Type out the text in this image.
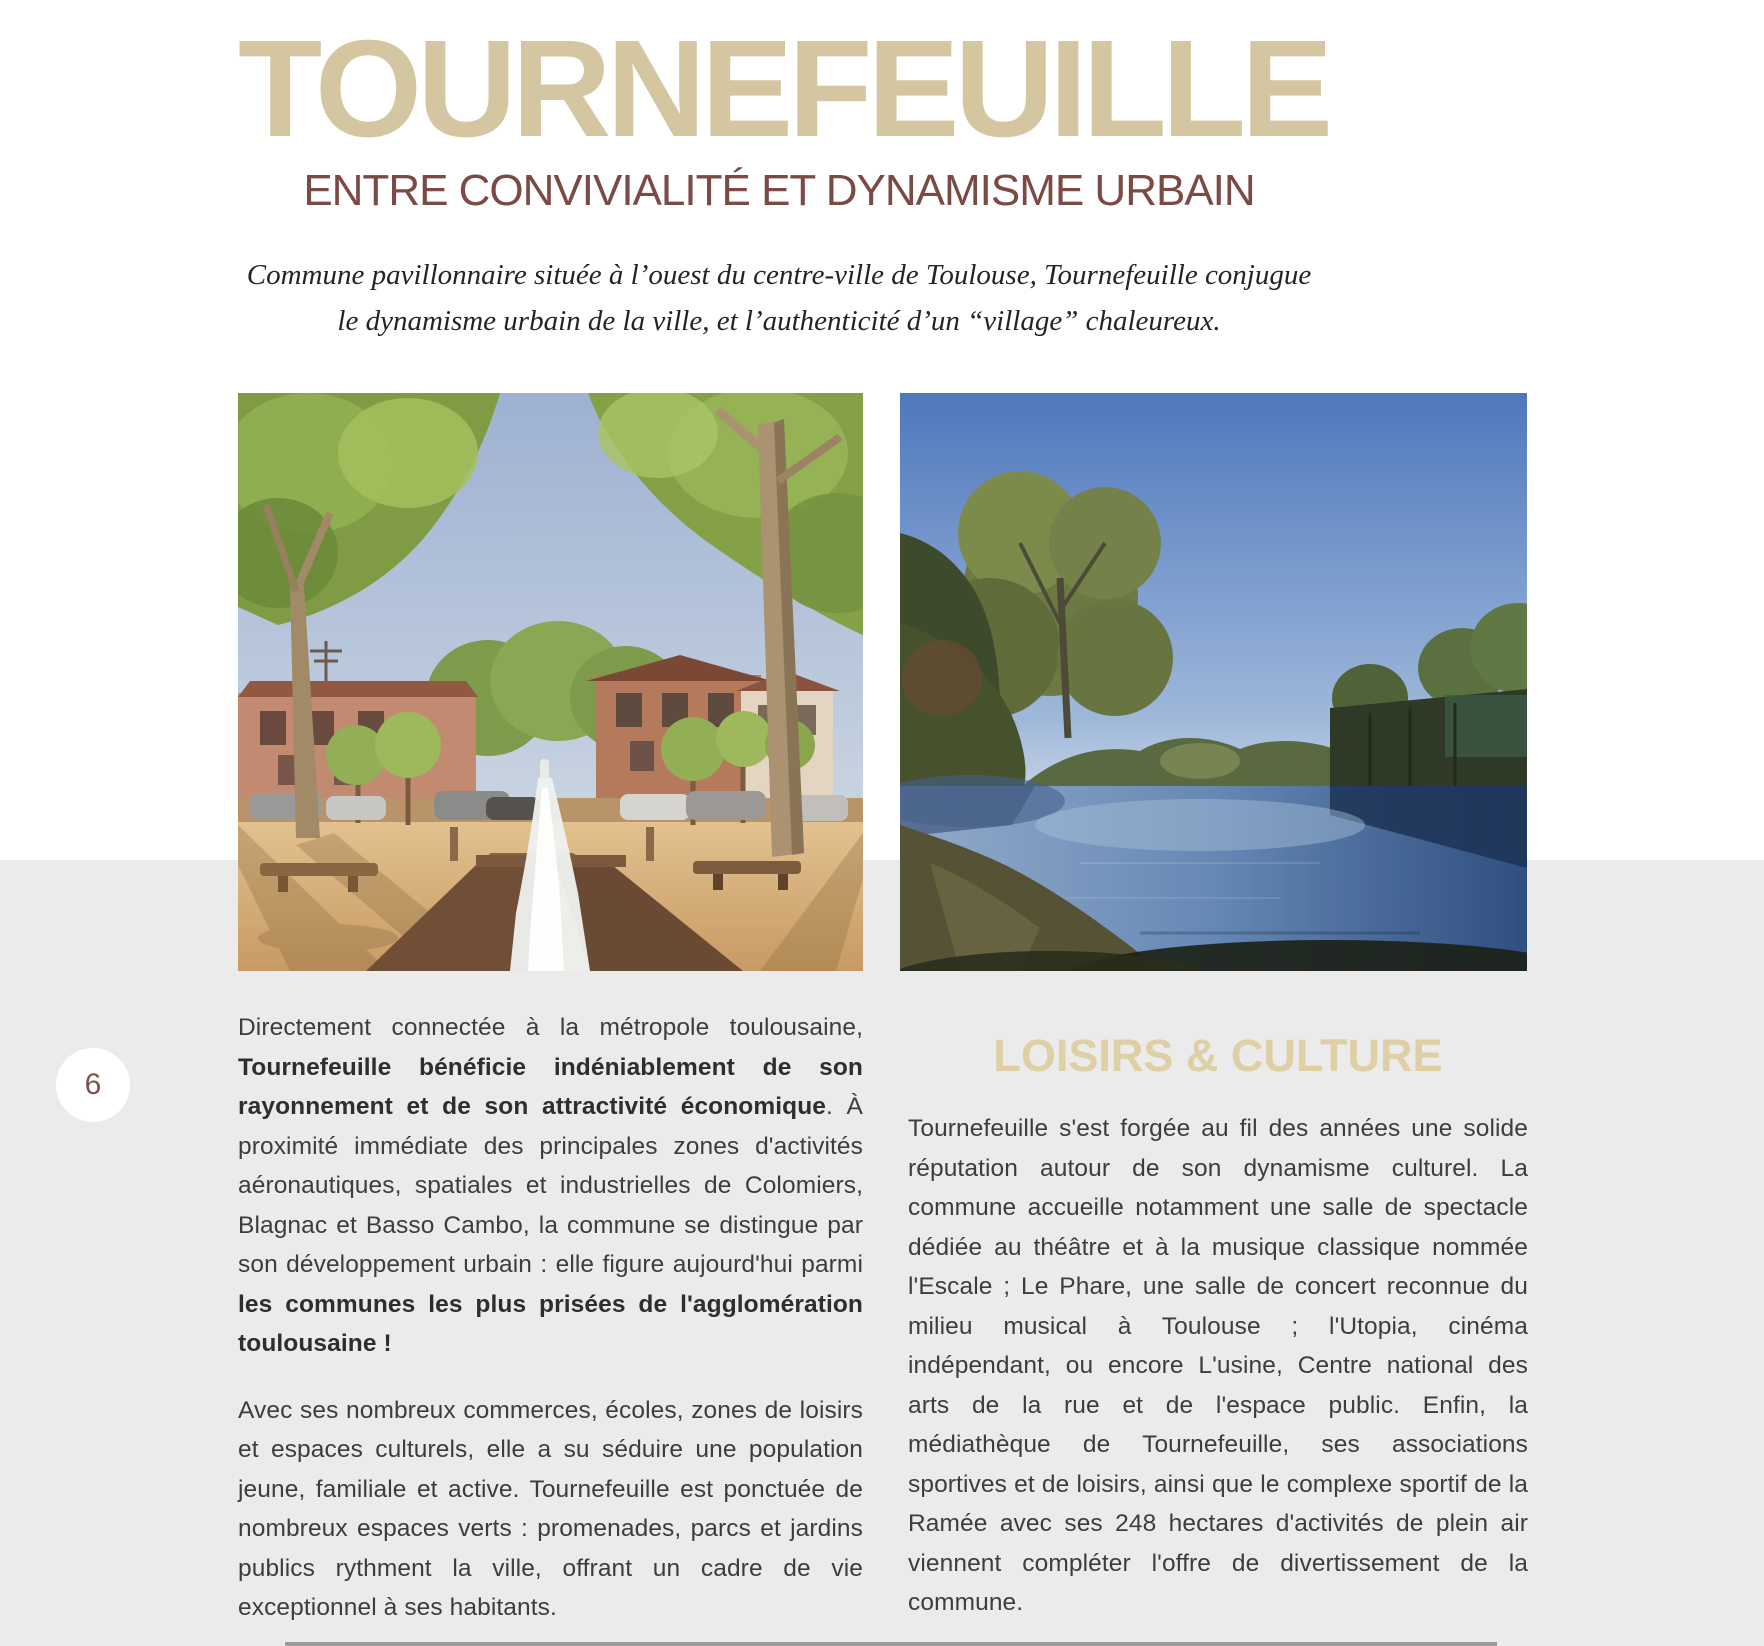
TOURNEFEUILLE
ENTRE CONVIVIALITÉ ET DYNAMISME URBAIN
Commune pavillonnaire située à l’ouest du centre-ville de Toulouse, Tournefeuille conjugue
le dynamisme urbain de la ville, et l’authenticité d’un “village” chaleureux.
6

Directement connectée à la métropole toulousaine, Tournefeuille bénéficie indéniablement de son rayonnement et de son attractivité économique. À proximité immédiate des principales zones d'activités aéronautiques, spatiales et industrielles de Colomiers, Blagnac et Basso Cambo, la commune se distingue par son développement urbain : elle figure aujourd'hui parmi les communes les plus prisées de l'agglomération toulousaine !

Avec ses nombreux commerces, écoles, zones de loisirs et espaces culturels, elle a su séduire une population jeune, familiale et active. Tournefeuille est ponctuée de nombreux espaces verts : promenades, parcs et jardins publics rythment la ville, offrant un cadre de vie exceptionnel à ses habitants.

LOISIRS & CULTURE

Tournefeuille s'est forgée au fil des années une solide réputation autour de son dynamisme culturel. La commune accueille notamment une salle de spectacle dédiée au théâtre et à la musique classique nommée l'Escale ; Le Phare, une salle de concert reconnue du milieu musical à Toulouse ; l'Utopia, cinéma indépendant, ou encore L'usine, Centre national des arts de la rue et de l'espace public. Enfin, la médiathèque de Tournefeuille, ses associations sportives et de loisirs, ainsi que le complexe sportif de la Ramée avec ses 248 hectares d'activités de plein air viennent compléter l'offre de divertissement de la commune.
